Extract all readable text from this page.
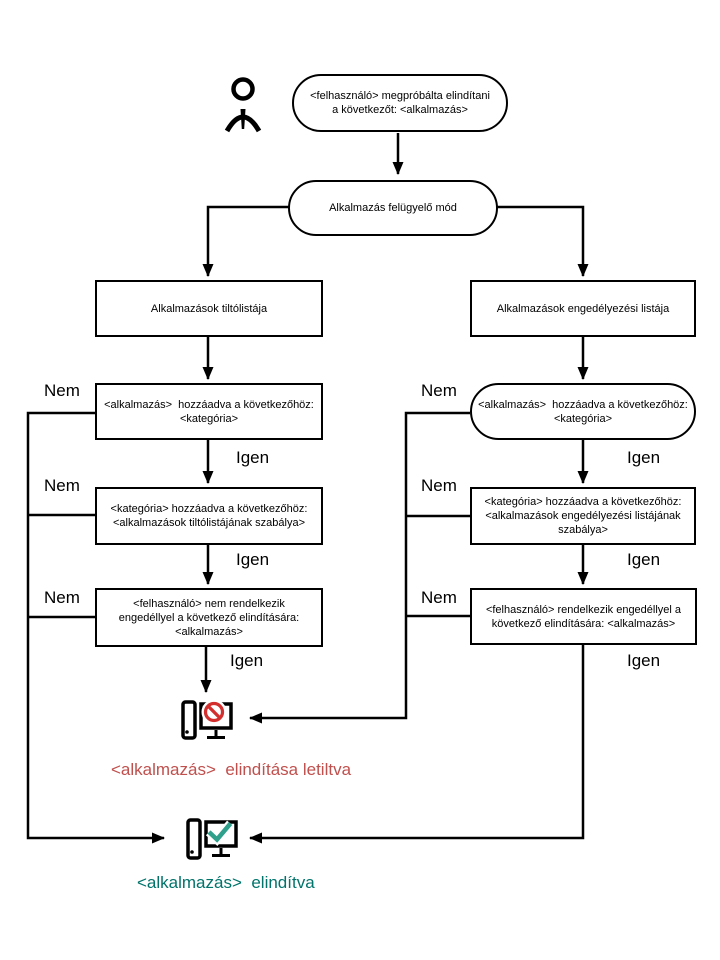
<felhasználó> megpróbálta elindítani
a következőt: <alkalmazás>
Alkalmazás felügyelő mód
Alkalmazások tiltólistája	Alkalmazások engedélyezési listája
<alkalmazás>  hozzáadva a következőhöz:
<kategória>
<alkalmazás>  hozzáadva a következőhöz:
<kategória>
<kategória> hozzáadva a következőhöz:
<alkalmazások tiltólistájának szabálya>
<kategória> hozzáadva a következőhöz:
<alkalmazások engedélyezési listájának
szabálya>
<felhasználó> nem rendelkezik
engedéllyel a következő elindítására:
<alkalmazás>
<felhasználó> rendelkezik engedéllyel a
következő elindítására: <alkalmazás>
Nem
Nem
Nem
Nem
Nem
Nem
Igen
Igen
Igen
Igen
Igen
Igen
<alkalmazás>  elindítása letiltva
<alkalmazás>  elindítva
